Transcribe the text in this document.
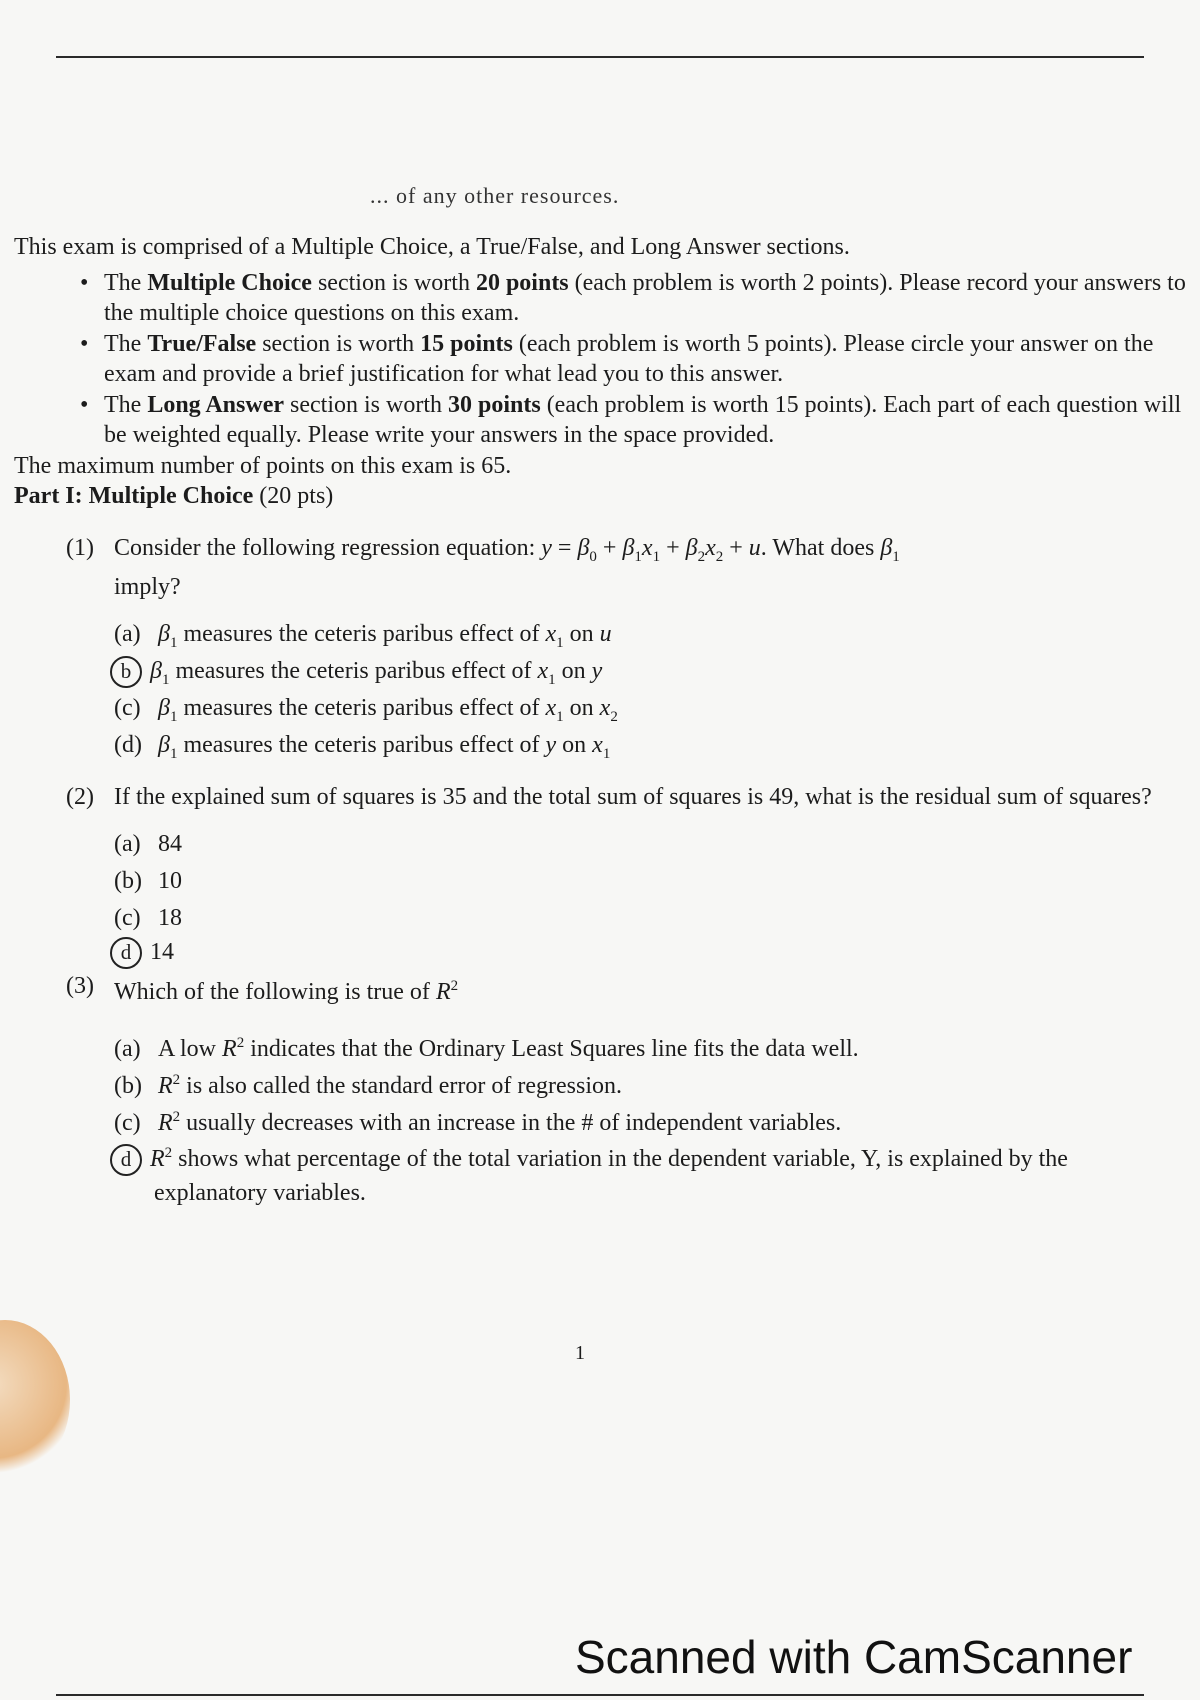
... of any other resources.

This exam is comprised of a Multiple Choice, a True/False, and Long Answer sections.

• The Multiple Choice section is worth 20 points (each problem is worth 2 points). Please record your answers to the multiple choice questions on this exam.
• The True/False section is worth 15 points (each problem is worth 5 points). Please circle your answer on the exam and provide a brief justification for what lead you to this answer.
• The Long Answer section is worth 30 points (each problem is worth 15 points). Each part of each question will be weighted equally. Please write your answers in the space provided.

The maximum number of points on this exam is 65.

Part I: Multiple Choice (20 pts)

(1) Consider the following regression equation: $y = \beta_0 + \beta_1x_1 + \beta_2x_2 + u$. What does $\beta_1$
imply?
(a) $\beta_1$ measures the ceteris paribus effect of $x_1$ on u
b $\beta_1$ measures the ceteris paribus effect of $x_1$ on y
(c) $\beta_1$ measures the ceteris paribus effect of $x_1$ on $x_2$
(d) $\beta_1$ measures the ceteris paribus effect of y on $x_1$
(2) If the explained sum of squares is 35 and the total sum of squares is 49, what is the residual sum of squares?
(a) 84
(b) 10
(c) 18
d 14
(3) Which of the following is true of $R^2$
(a) A low $R^2$ indicates that the Ordinary Least Squares line fits the data well.
(b) $R^2$ is also called the standard error of regression.
(c) $R^2$ usually decreases with an increase in the # of independent variables.
d $R^2$ shows what percentage of the total variation in the dependent variable, Y, is explained by the explanatory variables.
1
Scanned with CamScanner
